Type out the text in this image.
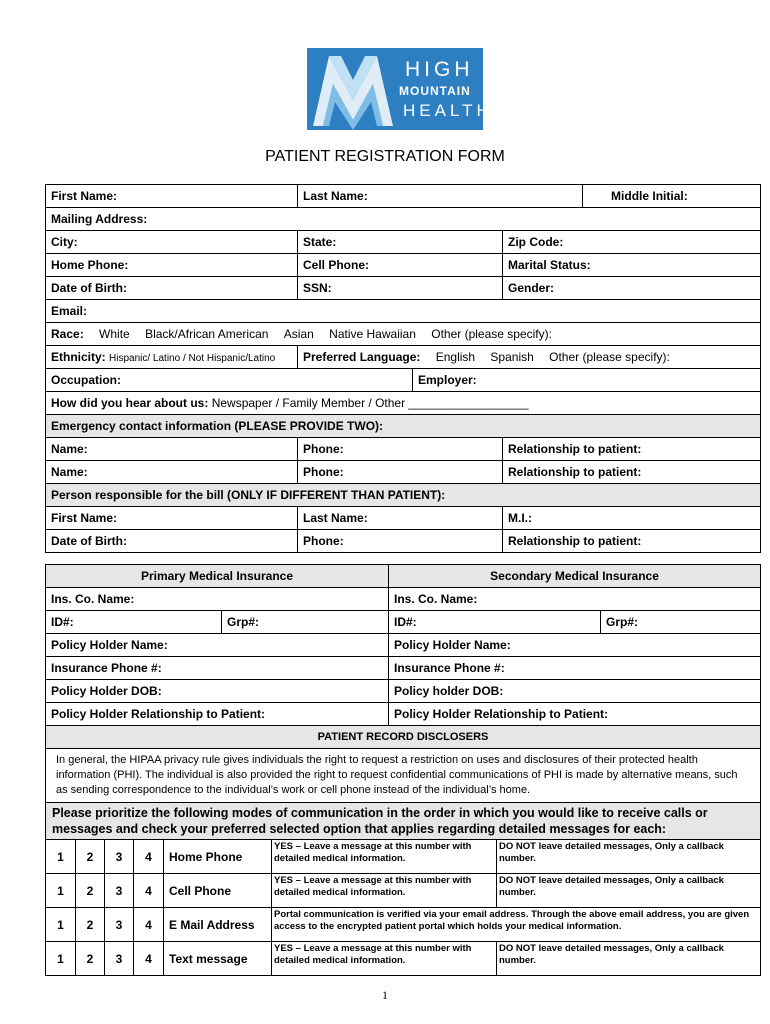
HIGH
MOUNTAIN
HEALTH
PATIENT REGISTRATION FORM
First Name:	Last Name:			Middle Initial:
Mailing Address:				
City:	State:		Zip Code:	
Home Phone:	Cell Phone:		Marital Status:	
Date of Birth:	SSN:		Gender:	
Email:				
Race: White Black/African American Asian Native Hawaiian Other (please specify):				
Ethnicity: Hispanic/ Latino / Not Hispanic/Latino	Preferred Language: English Spanish Other (please specify):			
Occupation:		Employer:		
How did you hear about us: Newspaper / Family Member / Other __________________				
Emergency contact information (PLEASE PROVIDE TWO):				
Name:	Phone:		Relationship to patient:	
Name:	Phone:		Relationship to patient:	
Person responsible for the bill (ONLY IF DIFFERENT THAN PATIENT):				
First Name:	Last Name:		M.I.:	
Date of Birth:	Phone:		Relationship to patient:	
Primary Medical Insurance							Secondary Medical Insurance		
Ins. Co. Name:							Ins. Co. Name:		
ID#:					Grp#:		ID#:		Grp#:
Policy Holder Name:							Policy Holder Name:		
Insurance Phone #:							Insurance Phone #:		
Policy Holder DOB:							Policy holder DOB:		
Policy Holder Relationship to Patient:							Policy Holder Relationship to Patient:		
PATIENT RECORD DISCLOSERS									
In general, the HIPAA privacy rule gives individuals the right to request a restriction on uses and disclosures of their protected health information (PHI). The individual is also provided the right to request confidential communications of PHI is made by alternative means, such as sending correspondence to the individual’s work or cell phone instead of the individual’s home.									
Please prioritize the following modes of communication in the order in which you would like to receive calls or messages and check your preferred selected option that applies regarding detailed messages for each:									
1	2	3	4	Home Phone		YES – Leave a message at this number with detailed medical information.		DO NOT leave detailed messages, Only a callback number.	
1	2	3	4	Cell Phone		YES – Leave a message at this number with detailed medical information.		DO NOT leave detailed messages, Only a callback number.	
1	2	3	4	E Mail Address		Portal communication is verified via your email address. Through the above email address, you are given access to the encrypted patient portal which holds your medical information.			
1	2	3	4	Text message		YES – Leave a message at this number with detailed medical information.		DO NOT leave detailed messages, Only a callback number.	
1
